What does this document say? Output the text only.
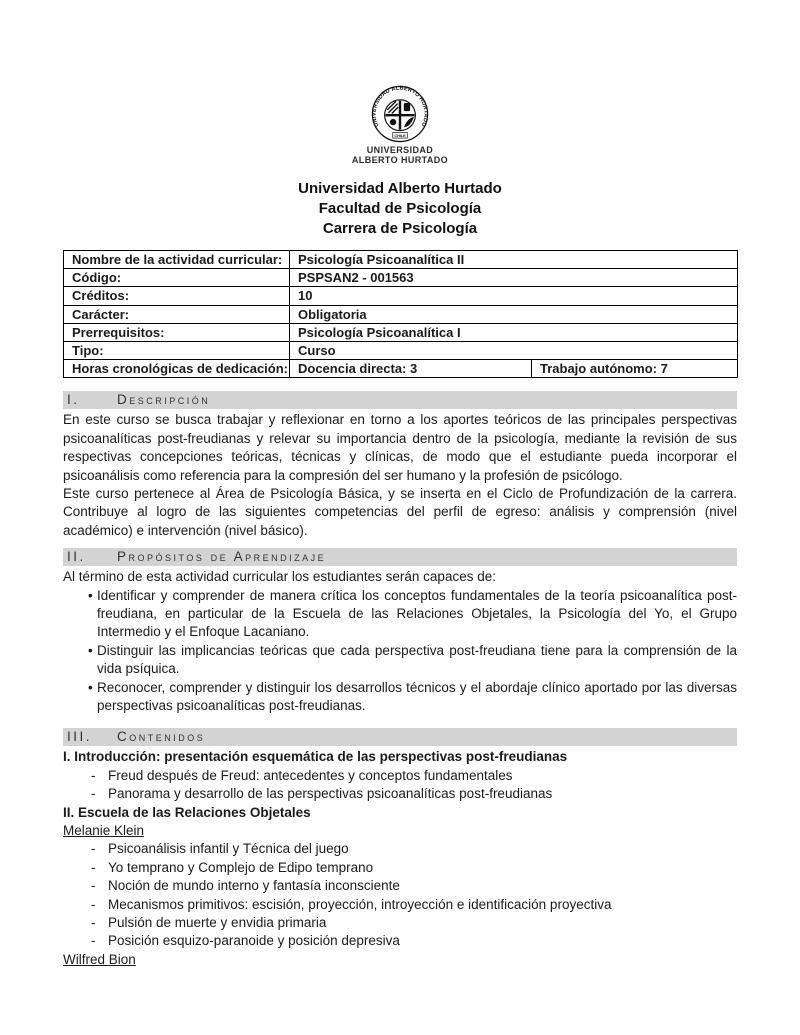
UNIVERSIDAD ALBERTO HURTADO
CHILE
UNIVERSIDAD
ALBERTO HURTADO
Universidad Alberto Hurtado
Facultad de Psicología
Carrera de Psicología
Nombre de la actividad curricular:	Psicología Psicoanalítica II	
Código:	PSPSAN2 - 001563	
Créditos:	10	
Carácter:	Obligatoria	
Prerrequisitos:	Psicología Psicoanalítica I	
Tipo:	Curso	
Horas cronológicas de dedicación:	Docencia directa: 3	Trabajo autónomo: 7
I.	Descripción

En este curso se busca trabajar y reflexionar en torno a los aportes teóricos de las principales perspectivas psicoanalíticas post-freudianas y relevar su importancia dentro de la psicología, mediante la revisión de sus respectivas concepciones teóricas, técnicas y clínicas, de modo que el estudiante pueda incorporar el psicoanálisis como referencia para la compresión del ser humano y la profesión de psicólogo.

Este curso pertenece al Área de Psicología Básica, y se inserta en el Ciclo de Profundización de la carrera. Contribuye al logro de las siguientes competencias del perfil de egreso: análisis y comprensión (nivel académico) e intervención (nivel básico).

II.	Propósitos de Aprendizaje

Al término de esta actividad curricular los estudiantes serán capaces de:

• Identificar y comprender de manera crítica los conceptos fundamentales de la teoría psicoanalítica post-freudiana, en particular de la Escuela de las Relaciones Objetales, la Psicología del Yo, el Grupo Intermedio y el Enfoque Lacaniano.
• Distinguir las implicancias teóricas que cada perspectiva post-freudiana tiene para la comprensión de la vida psíquica.
• Reconocer, comprender y distinguir los desarrollos técnicos y el abordaje clínico aportado por las diversas perspectivas psicoanalíticas post-freudianas.
III.	Contenidos
I. Introducción: presentación esquemática de las perspectivas post-freudianas
- Freud después de Freud: antecedentes y conceptos fundamentales
- Panorama y desarrollo de las perspectivas psicoanalíticas post-freudianas
II. Escuela de las Relaciones Objetales
Melanie Klein
- Psicoanálisis infantil y Técnica del juego
- Yo temprano y Complejo de Edipo temprano
- Noción de mundo interno y fantasía inconsciente
- Mecanismos primitivos: escisión, proyección, introyección e identificación proyectiva
- Pulsión de muerte y envidia primaria
- Posición esquizo-paranoide y posición depresiva
Wilfred Bion
